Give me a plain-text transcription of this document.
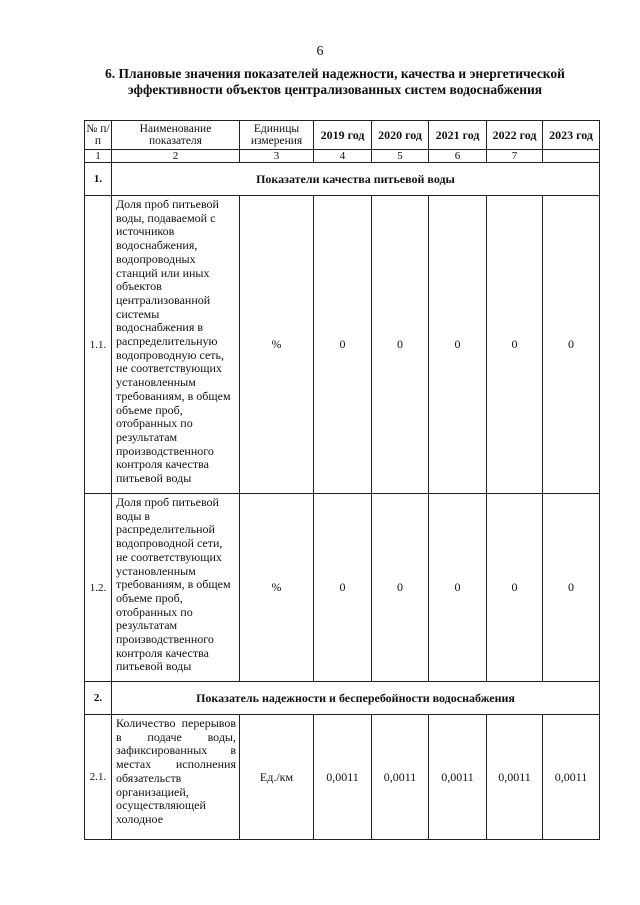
6
6. Плановые значения показателей надежности, качества и энергетической эффективности объектов централизованных систем водоснабжения
№ п/п	Наименование показателя	Единицы измерения	2019 год	2020 год	2021 год	2022 год	2023 год
1	2	3	4	5	6	7	
1.	Показатели качества питьевой воды						
1.1.	Доля проб питьевой воды, подаваемой с источников водоснабжения, водопроводных станций или иных объектов централизованной системы водоснабжения в распределительную водопроводную сеть, не соответствующих установленным требованиям, в общем объеме проб, отобранных по результатам производственного контроля качества питьевой воды	%	0	0	0	0	0
1.2.	Доля проб питьевой воды в распределительной водопроводной сети, не соответствующих установленным требованиям, в общем объеме проб, отобранных по результатам производственного контроля качества питьевой воды	%	0	0	0	0	0
2.	Показатель надежности и бесперебойности водоснабжения						
2.1.	Количество перерывов в подаче воды, зафиксированных в местах исполнения обязательств организацией, осуществляющей холодное	Ед./км	0,0011	0,0011	0,0011	0,0011	0,0011
